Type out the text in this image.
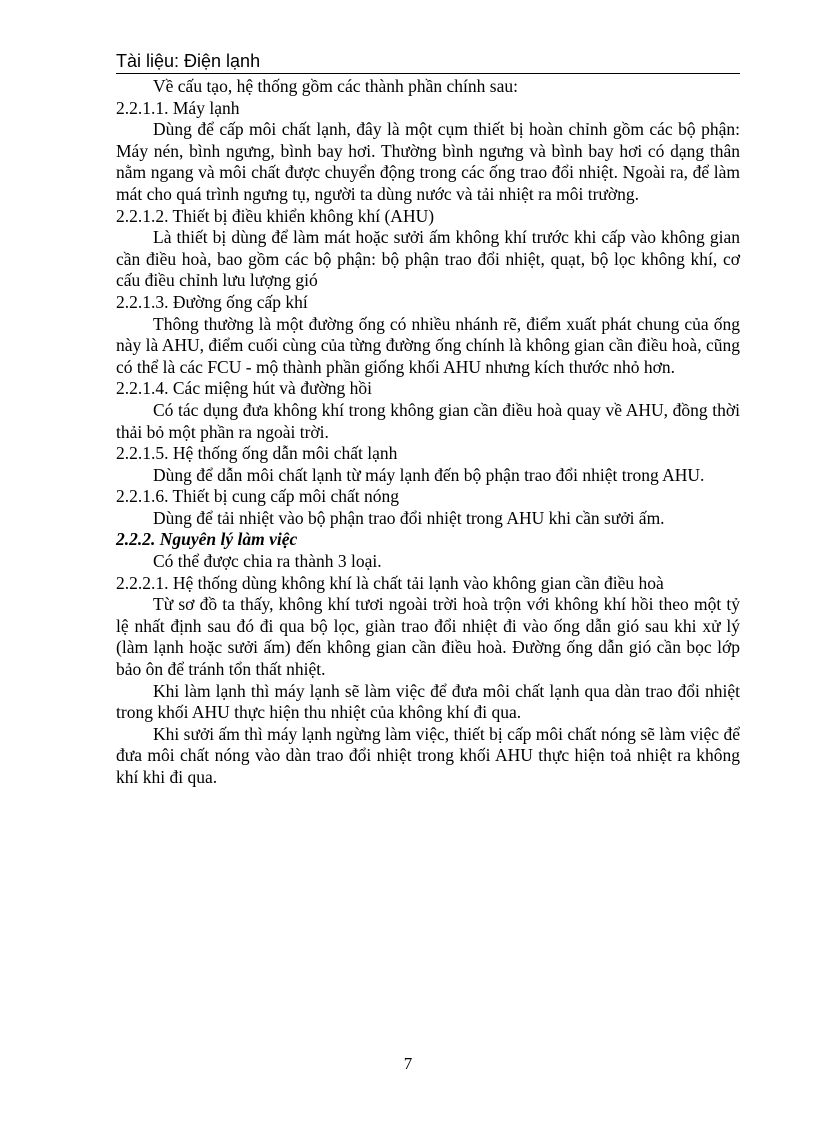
Tài liệu: Điện lạnh

Về cấu tạo, hệ thống gồm các thành phần chính sau:

2.2.1.1. Máy lạnh

Dùng để cấp môi chất lạnh, đây là một cụm thiết bị hoàn chỉnh gồm các bộ phận: Máy nén, bình ngưng, bình bay hơi. Thường bình ngưng và bình bay hơi có dạng thân nằm ngang và môi chất được chuyển động trong các ống trao đổi nhiệt. Ngoài ra, để làm mát cho quá trình ngưng tụ, người ta dùng nước và tải nhiệt ra môi trường.

2.2.1.2. Thiết bị điều khiển không khí (AHU)

Là thiết bị dùng để làm mát hoặc sưởi ấm không khí trước khi cấp vào không gian cần điều hoà, bao gồm các bộ phận: bộ phận trao đổi nhiệt, quạt, bộ lọc không khí, cơ cấu điều chỉnh lưu lượng gió

2.2.1.3. Đường ống cấp khí

Thông thường là một đường ống có nhiều nhánh rẽ, điểm xuất phát chung của ống này là AHU, điểm cuối cùng của từng đường ống chính là không gian cần điều hoà, cũng có thể là các FCU - mộ thành phần giống khối AHU nhưng kích thước nhỏ hơn.

2.2.1.4. Các miệng hút và đường hồi

Có tác dụng đưa không khí trong không gian cần điều hoà quay về AHU, đồng thời thải bỏ một phần ra ngoài trời.

2.2.1.5. Hệ thống ống dẫn môi chất lạnh

Dùng để dẫn môi chất lạnh từ máy lạnh đến bộ phận trao đổi nhiệt trong AHU.

2.2.1.6. Thiết bị cung cấp môi chất nóng

Dùng để tải nhiệt vào bộ phận trao đổi nhiệt trong AHU khi cần sưởi ấm.

2.2.2. Nguyên lý làm việc

Có thể được chia ra thành 3 loại.

2.2.2.1. Hệ thống dùng không khí là chất tải lạnh vào không gian cần điều hoà

Từ sơ đồ ta thấy, không khí tươi ngoài trời hoà trộn với không khí hồi theo một tỷ lệ nhất định sau đó đi qua bộ lọc, giàn trao đổi nhiệt đi vào ống dẫn gió sau khi xử lý (làm lạnh hoặc sưởi ấm) đến không gian cần điều hoà. Đường ống dẫn gió cần bọc lớp bảo ôn để tránh tổn thất nhiệt.

Khi làm lạnh thì máy lạnh sẽ làm việc để đưa môi chất lạnh qua dàn trao đổi nhiệt trong khối AHU thực hiện thu nhiệt của không khí đi qua.

Khi sưởi ấm thì máy lạnh ngừng làm việc, thiết bị cấp môi chất nóng sẽ làm việc để đưa môi chất nóng vào dàn trao đổi nhiệt trong khối AHU thực hiện toả nhiệt ra không khí khi đi qua.

7
